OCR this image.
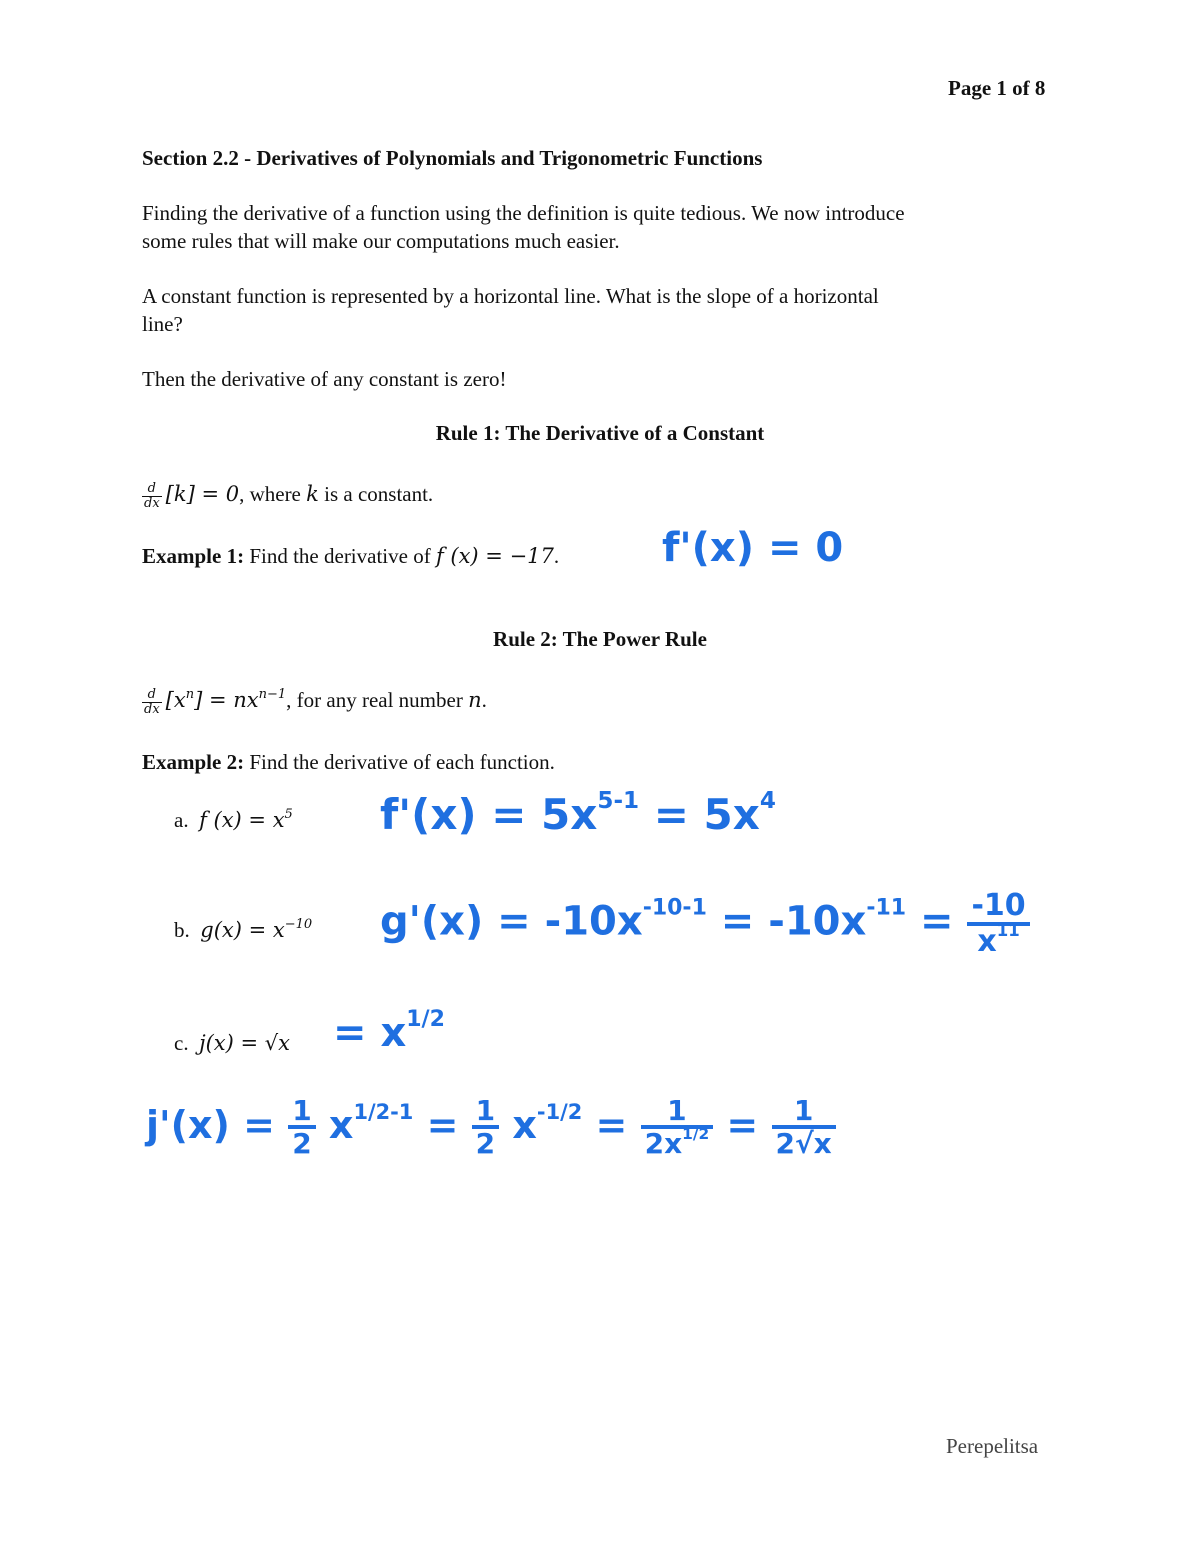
Page 1 of 8
Section 2.2 - Derivatives of Polynomials and Trigonometric Functions
Finding the derivative of a function using the definition is quite tedious. We now introduce
some rules that will make our computations much easier.
A constant function is represented by a horizontal line. What is the slope of a horizontal
line?
Then the derivative of any constant is zero!
Rule 1: The Derivative of a Constant
$\frac{d}{dx} [k] = 0$, where k is a constant.
Example 1: Find the derivative of f (x) = −17.	f'(x) = 0
Rule 2: The Power Rule
$\frac{d}{dx} [x^n] = nx^{n-1}$, for any real number n.
Example 2: Find the derivative of each function.
a. f $(x) = x^5$
b. $g(x) = x^{-10}$
c. j(x) = √x
$f'(x) = 5x^{5-1} = 5x^4$
$g'(x) = -10x^{-10-1} = -10x^{-11} = \frac{-10}{x^{11}}$
= $x^{1/2}$
$j'(x) = \frac{1}{2} x^{1/2-1} = \frac{1}{2} x^{-1/2} = \frac{1}{2x^{1/2}} = \frac{1}{2√x}$
Perepelitsa
